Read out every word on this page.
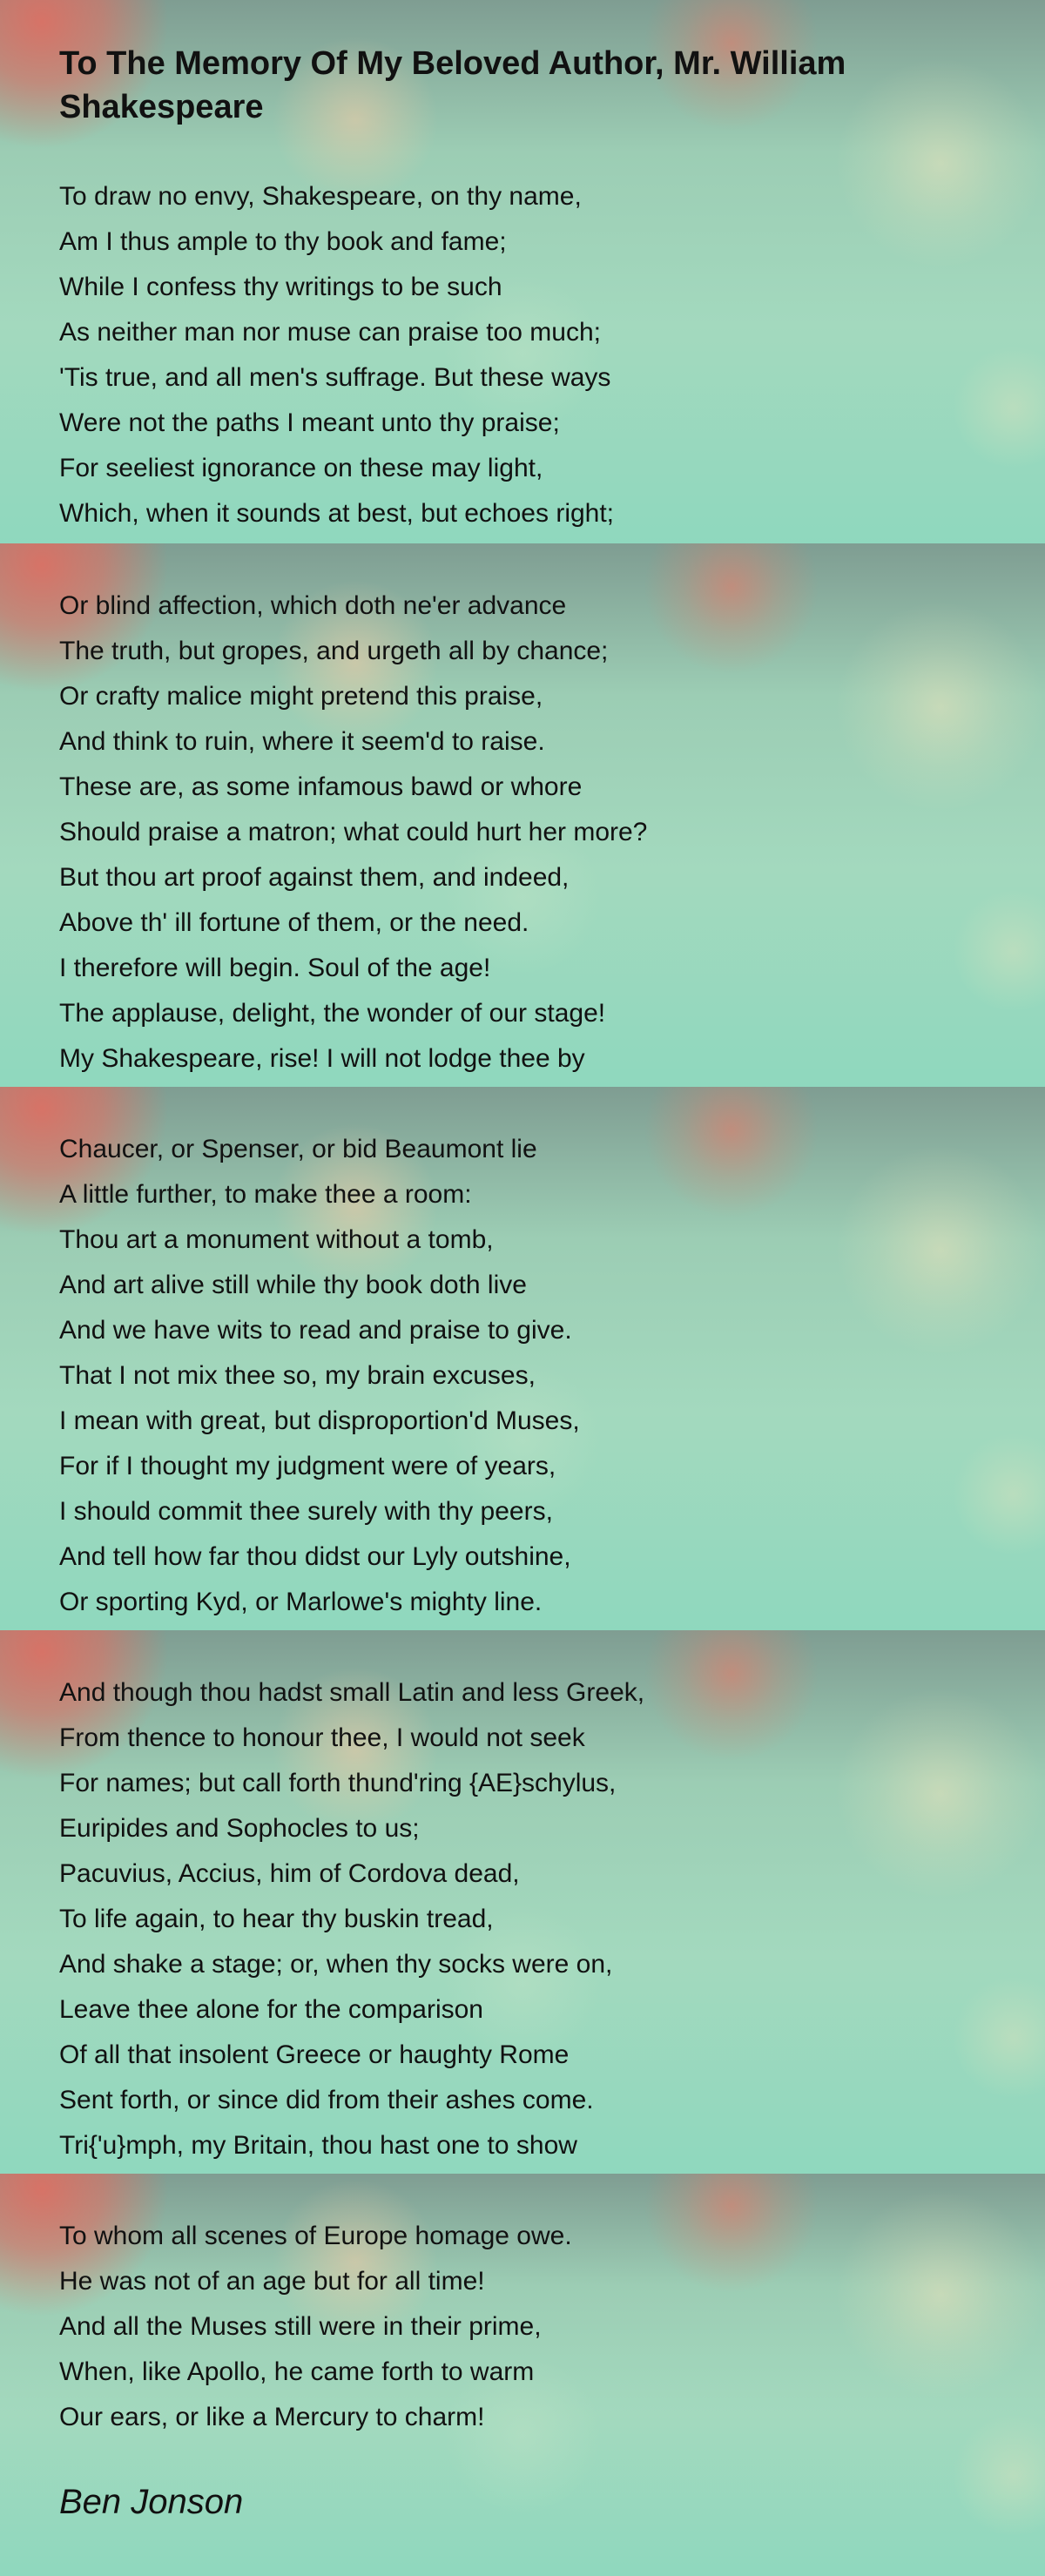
To The Memory Of My Beloved Author, Mr. William Shakespeare
To draw no envy, Shakespeare, on thy name,
Am I thus ample to thy book and fame;
While I confess thy writings to be such
As neither man nor muse can praise too much;
'Tis true, and all men's suffrage. But these ways
Were not the paths I meant unto thy praise;
For seeliest ignorance on these may light,
Which, when it sounds at best, but echoes right;
Or blind affection, which doth ne'er advance
The truth, but gropes, and urgeth all by chance;
Or crafty malice might pretend this praise,
And think to ruin, where it seem'd to raise.
These are, as some infamous bawd or whore
Should praise a matron; what could hurt her more?
But thou art proof against them, and indeed,
Above th' ill fortune of them, or the need.
I therefore will begin. Soul of the age!
The applause, delight, the wonder of our stage!
My Shakespeare, rise! I will not lodge thee by
Chaucer, or Spenser, or bid Beaumont lie
A little further, to make thee a room:
Thou art a monument without a tomb,
And art alive still while thy book doth live
And we have wits to read and praise to give.
That I not mix thee so, my brain excuses,
I mean with great, but disproportion'd Muses,
For if I thought my judgment were of years,
I should commit thee surely with thy peers,
And tell how far thou didst our Lyly outshine,
Or sporting Kyd, or Marlowe's mighty line.
And though thou hadst small Latin and less Greek,
From thence to honour thee, I would not seek
For names; but call forth thund'ring {AE}schylus,
Euripides and Sophocles to us;
Pacuvius, Accius, him of Cordova dead,
To life again, to hear thy buskin tread,
And shake a stage; or, when thy socks were on,
Leave thee alone for the comparison
Of all that insolent Greece or haughty Rome
Sent forth, or since did from their ashes come.
Tri{'u}mph, my Britain, thou hast one to show
To whom all scenes of Europe homage owe.
He was not of an age but for all time!
And all the Muses still were in their prime,
When, like Apollo, he came forth to warm
Our ears, or like a Mercury to charm!

Ben Jonson
